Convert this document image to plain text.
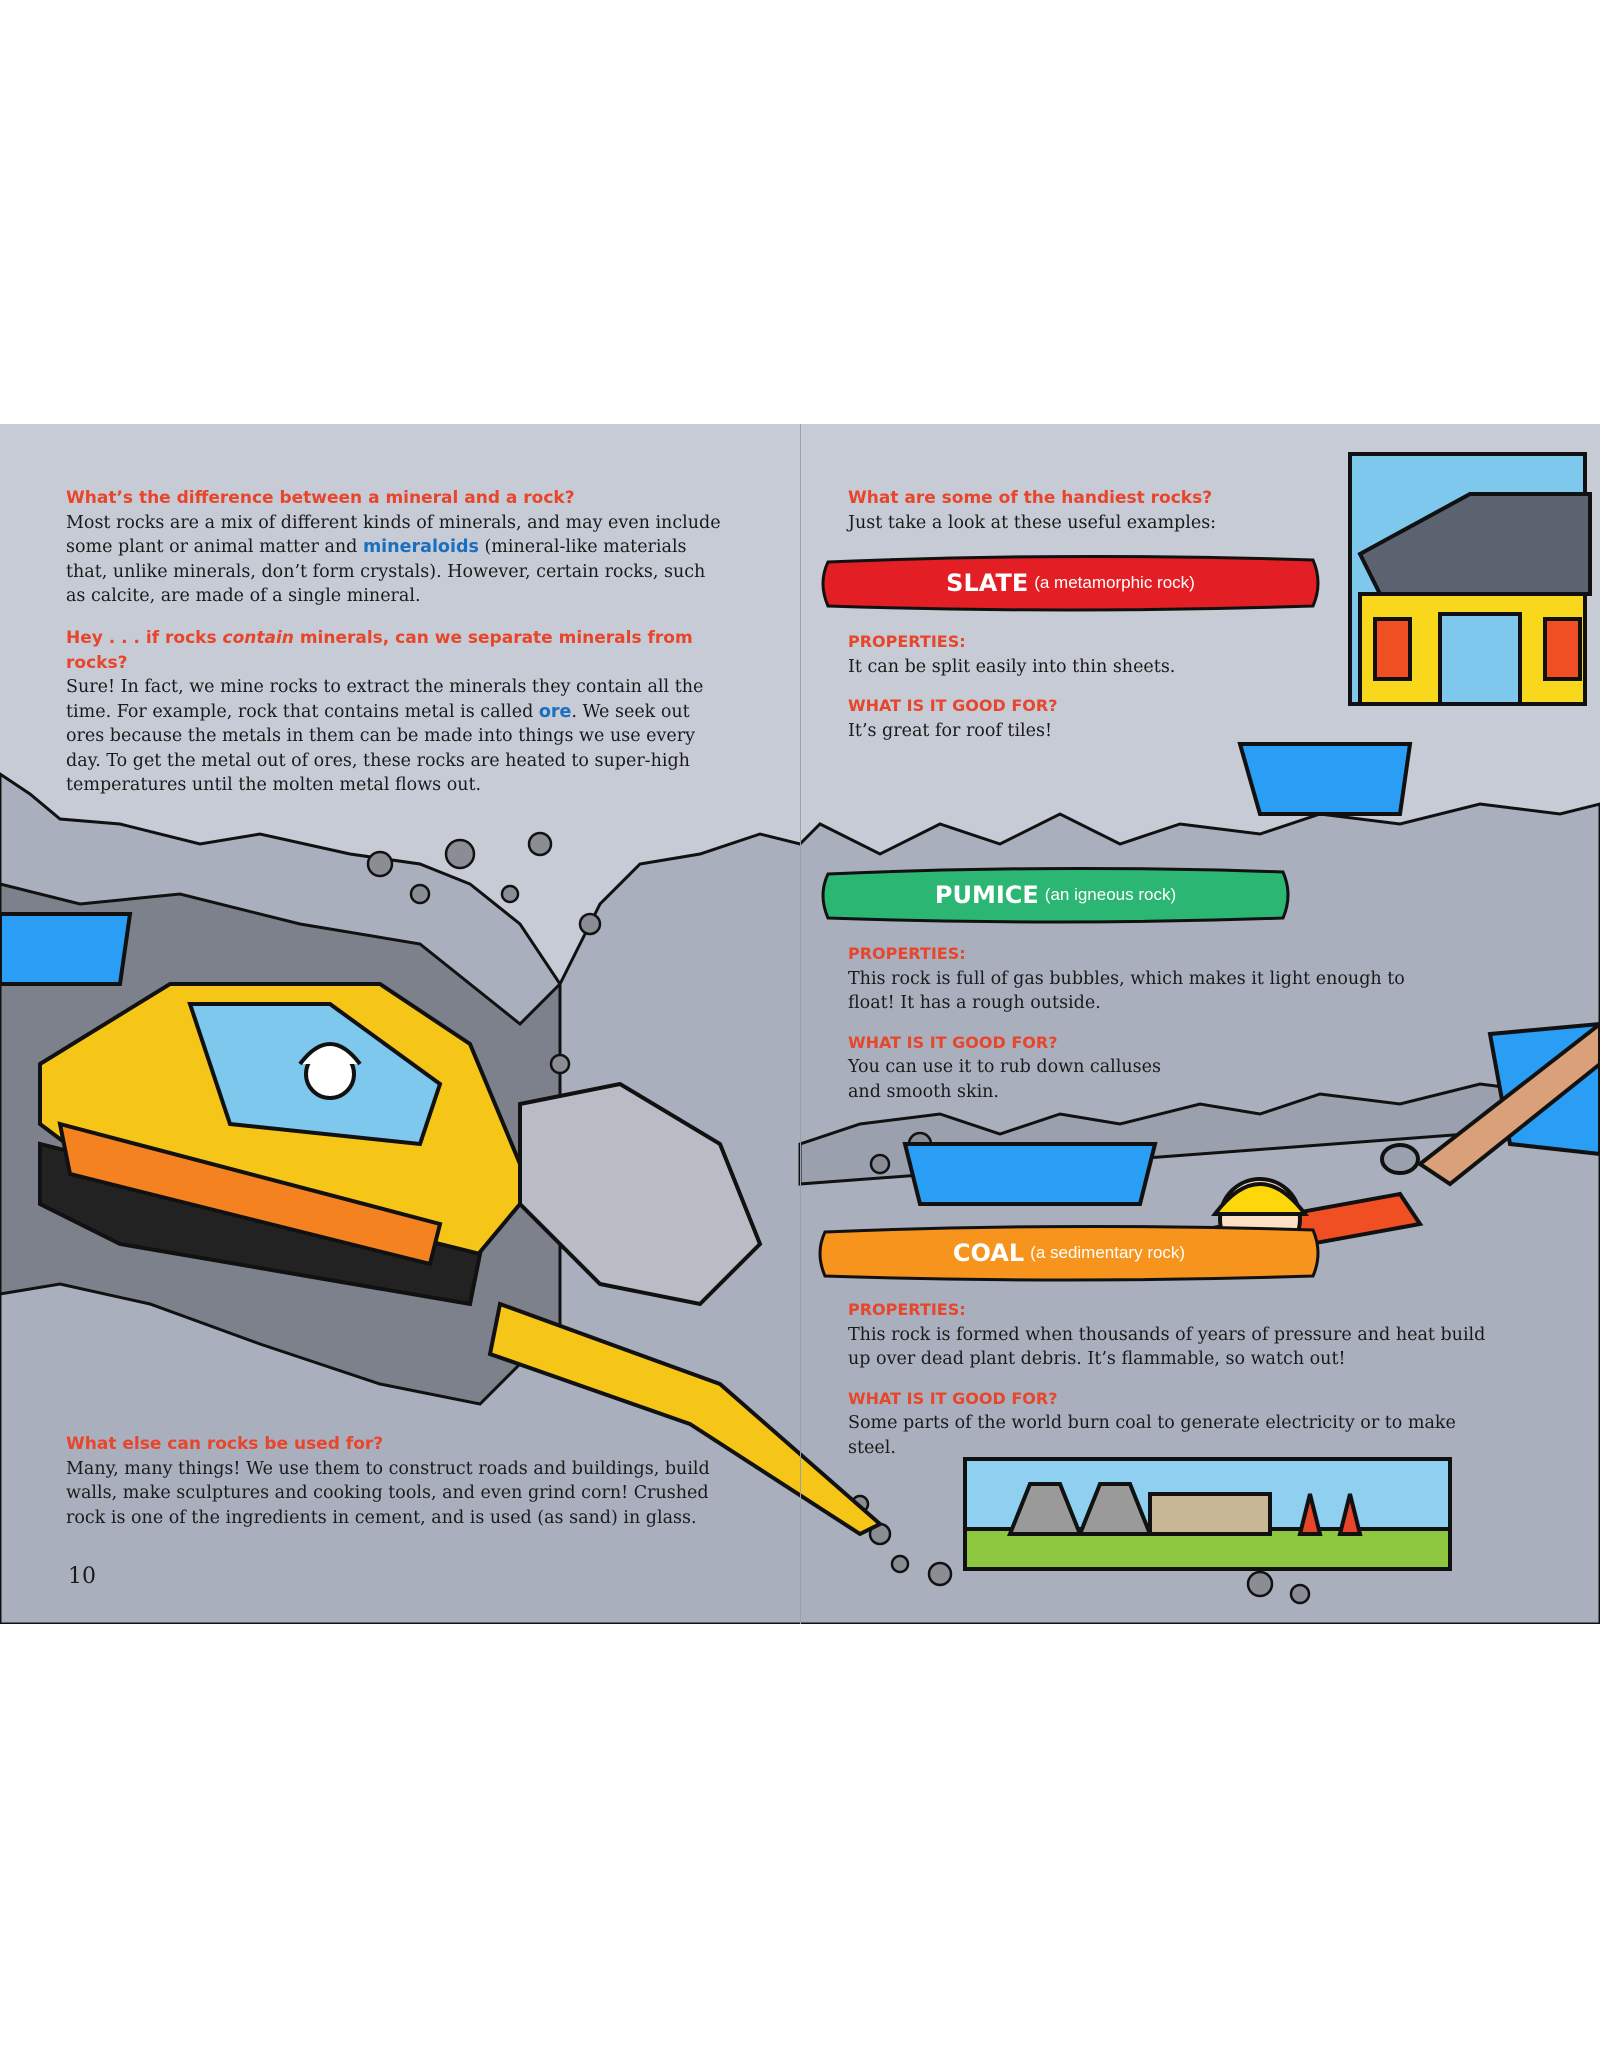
What’s the difference between a mineral and a rock?
Most rocks are a mix of different kinds of minerals, and may even include some plant or animal matter and mineraloids (mineral-like materials that, unlike minerals, don’t form crystals). However, certain rocks, such as calcite, are made of a single mineral.
Hey . . . if rocks contain minerals, can we separate minerals from rocks?
Sure! In fact, we mine rocks to extract the minerals they contain all the time. For example, rock that contains metal is called ore. We seek out ores because the metals in them can be made into things we use every day. To get the metal out of ores, these rocks are heated to super-high temperatures until the molten metal flows out.
What else can rocks be used for?
Many, many things! We use them to construct roads and buildings, build walls, make sculptures and cooking tools, and even grind corn! Crushed rock is one of the ingredients in cement, and is used (as sand) in glass.
10
What are some of the handiest rocks?
Just take a look at these useful examples:
SLATE (a metamorphic rock)
PROPERTIES:
It can be split easily into thin sheets.
WHAT IS IT GOOD FOR?
It’s great for roof tiles!
PUMICE (an igneous rock)
PROPERTIES:
This rock is full of gas bubbles, which makes it light enough to float! It has a rough outside.
WHAT IS IT GOOD FOR?
You can use it to rub down calluses and smooth skin.
COAL (a sedimentary rock)
PROPERTIES:
This rock is formed when thousands of years of pressure and heat build up over dead plant debris. It’s flammable, so watch out!
WHAT IS IT GOOD FOR?
Some parts of the world burn coal to generate electricity or to make steel.
